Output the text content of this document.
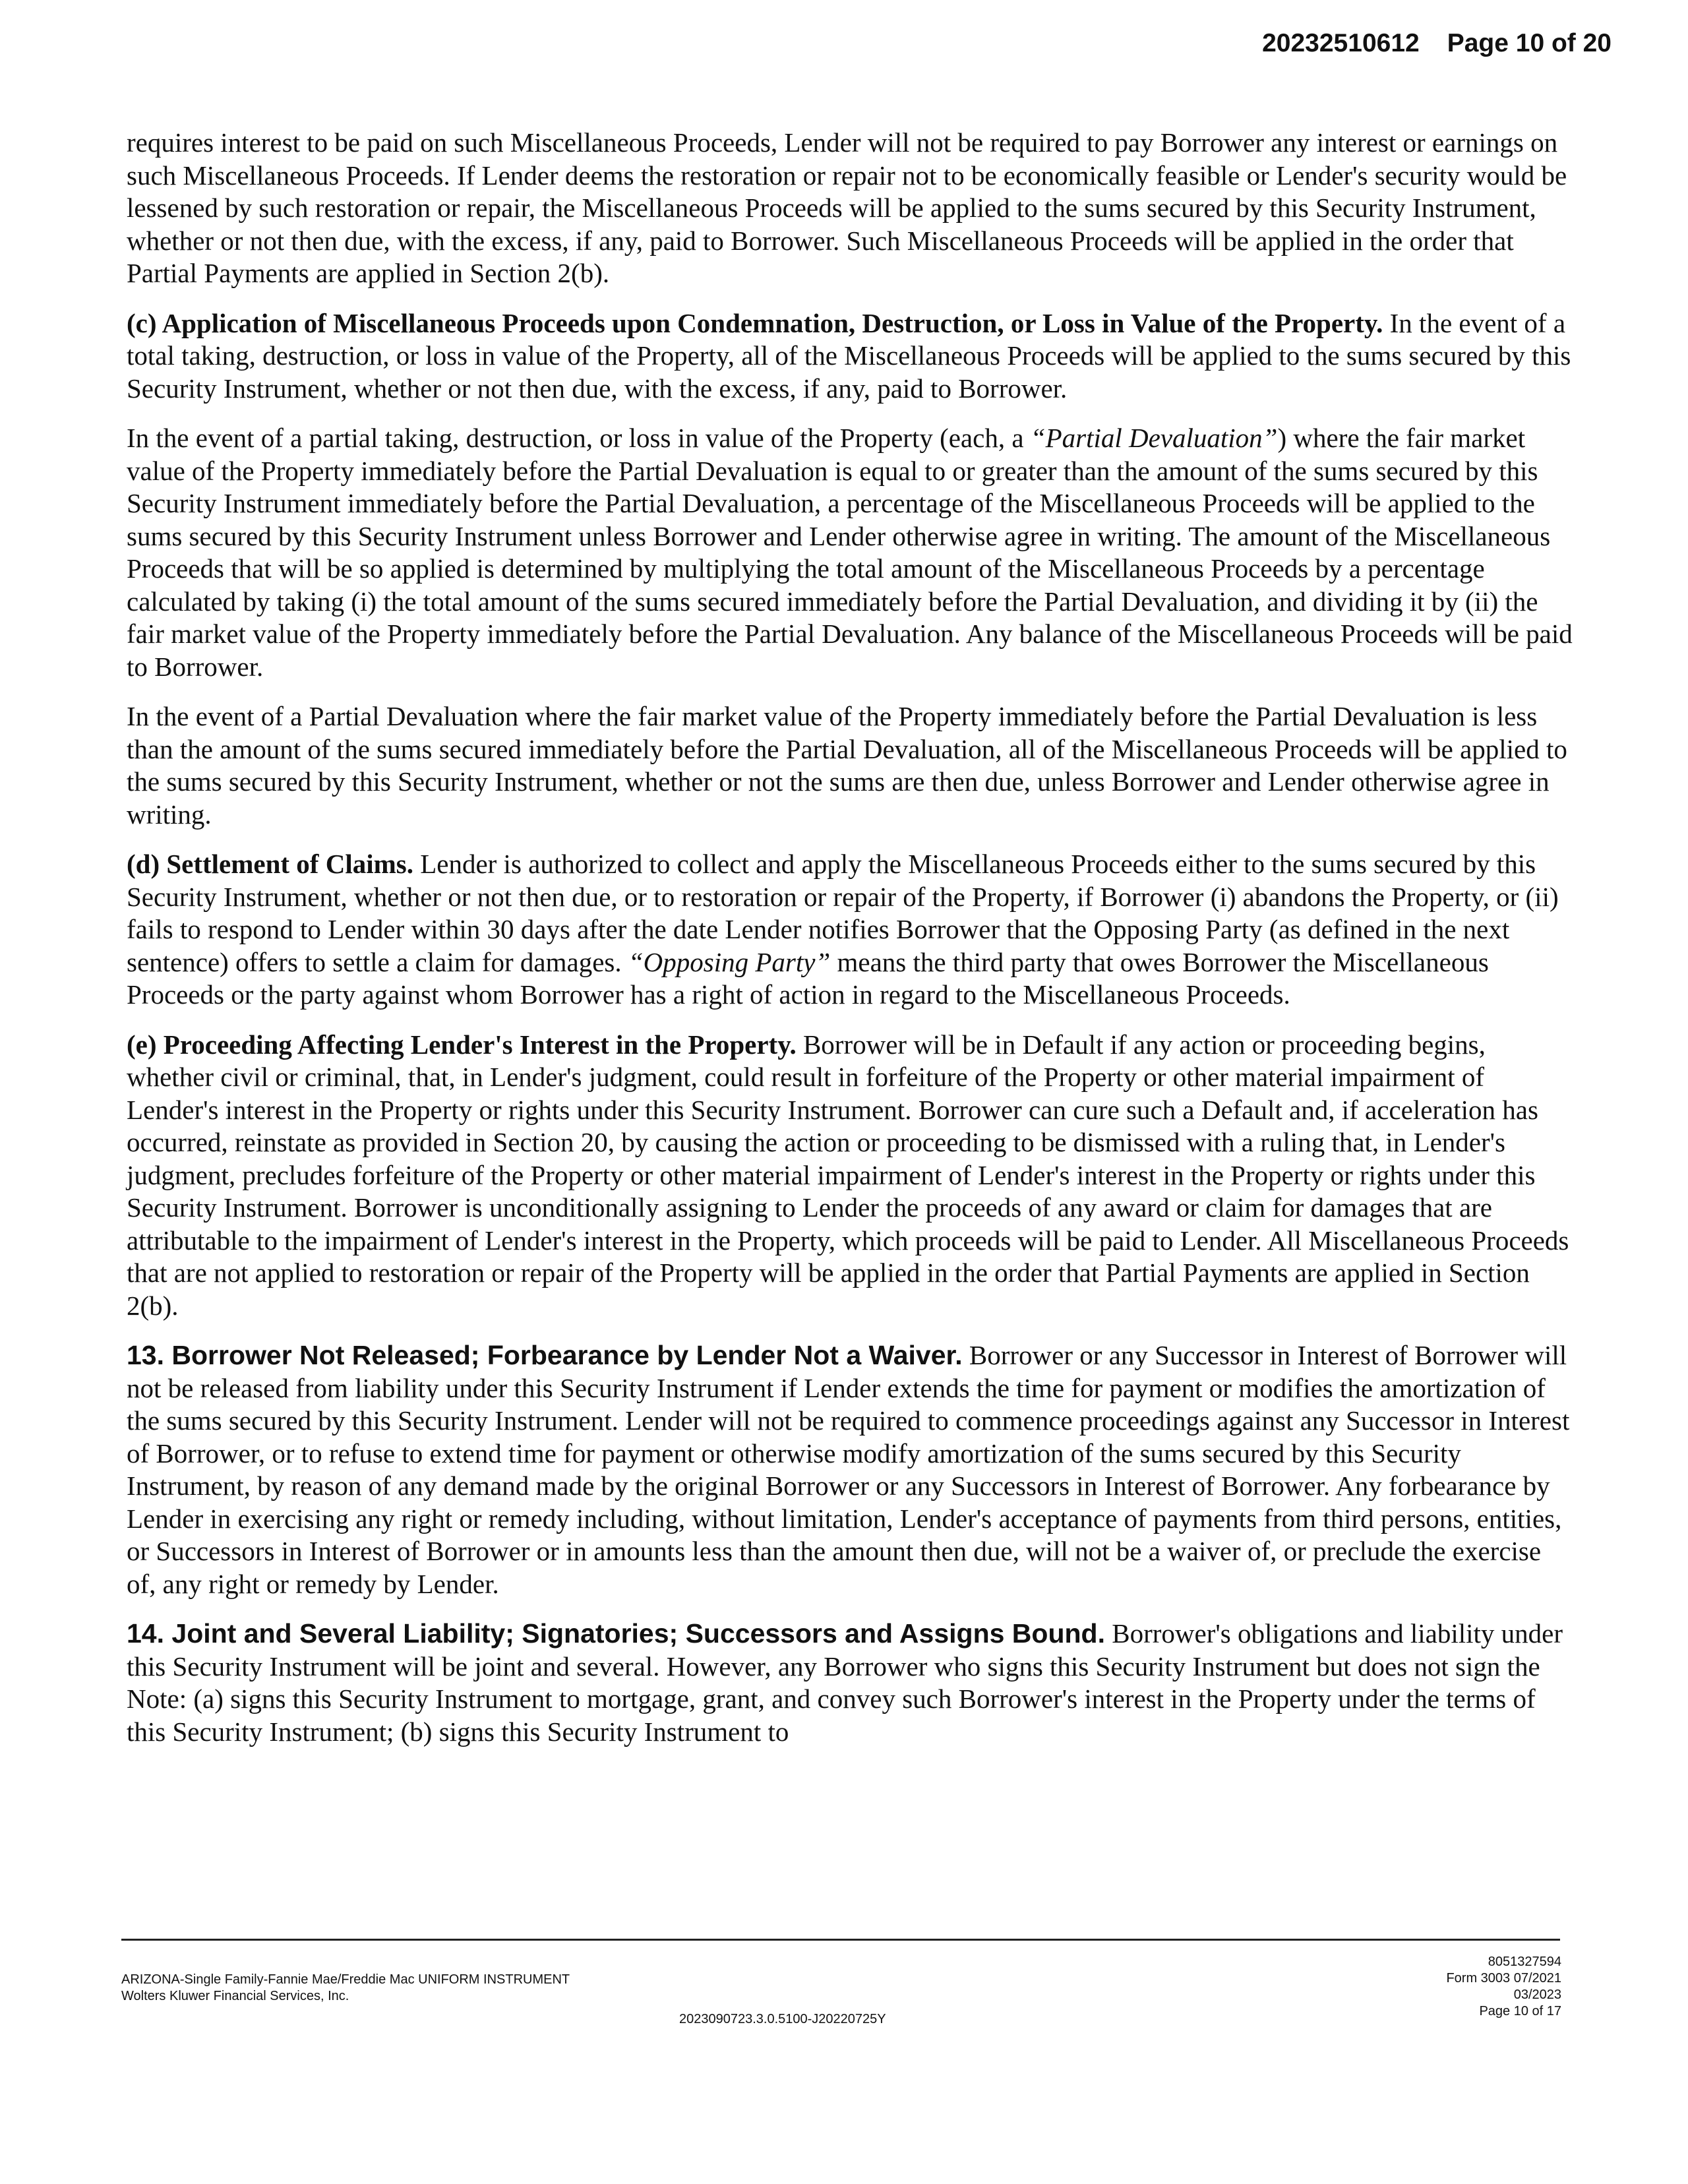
20232510612 Page 10 of 20

requires interest to be paid on such Miscellaneous Proceeds, Lender will not be required to pay Borrower any interest or earnings on such Miscellaneous Proceeds. If Lender deems the restoration or repair not to be economically feasible or Lender's security would be lessened by such restoration or repair, the Miscellaneous Proceeds will be applied to the sums secured by this Security Instrument, whether or not then due, with the excess, if any, paid to Borrower. Such Miscellaneous Proceeds will be applied in the order that Partial Payments are applied in Section 2(b).

(c) Application of Miscellaneous Proceeds upon Condemnation, Destruction, or Loss in Value of the Property. In the event of a total taking, destruction, or loss in value of the Property, all of the Miscellaneous Proceeds will be applied to the sums secured by this Security Instrument, whether or not then due, with the excess, if any, paid to Borrower.

In the event of a partial taking, destruction, or loss in value of the Property (each, a “Partial Devaluation”) where the fair market value of the Property immediately before the Partial Devaluation is equal to or greater than the amount of the sums secured by this Security Instrument immediately before the Partial Devaluation, a percentage of the Miscellaneous Proceeds will be applied to the sums secured by this Security Instrument unless Borrower and Lender otherwise agree in writing. The amount of the Miscellaneous Proceeds that will be so applied is determined by multiplying the total amount of the Miscellaneous Proceeds by a percentage calculated by taking (i) the total amount of the sums secured immediately before the Partial Devaluation, and dividing it by (ii) the fair market value of the Property immediately before the Partial Devaluation. Any balance of the Miscellaneous Proceeds will be paid to Borrower.

In the event of a Partial Devaluation where the fair market value of the Property immediately before the Partial Devaluation is less than the amount of the sums secured immediately before the Partial Devaluation, all of the Miscellaneous Proceeds will be applied to the sums secured by this Security Instrument, whether or not the sums are then due, unless Borrower and Lender otherwise agree in writing.

(d) Settlement of Claims. Lender is authorized to collect and apply the Miscellaneous Proceeds either to the sums secured by this Security Instrument, whether or not then due, or to restoration or repair of the Property, if Borrower (i) abandons the Property, or (ii) fails to respond to Lender within 30 days after the date Lender notifies Borrower that the Opposing Party (as defined in the next sentence) offers to settle a claim for damages. “Opposing Party” means the third party that owes Borrower the Miscellaneous Proceeds or the party against whom Borrower has a right of action in regard to the Miscellaneous Proceeds.

(e) Proceeding Affecting Lender's Interest in the Property. Borrower will be in Default if any action or proceeding begins, whether civil or criminal, that, in Lender's judgment, could result in forfeiture of the Property or other material impairment of Lender's interest in the Property or rights under this Security Instrument. Borrower can cure such a Default and, if acceleration has occurred, reinstate as provided in Section 20, by causing the action or proceeding to be dismissed with a ruling that, in Lender's judgment, precludes forfeiture of the Property or other material impairment of Lender's interest in the Property or rights under this Security Instrument. Borrower is unconditionally assigning to Lender the proceeds of any award or claim for damages that are attributable to the impairment of Lender's interest in the Property, which proceeds will be paid to Lender. All Miscellaneous Proceeds that are not applied to restoration or repair of the Property will be applied in the order that Partial Payments are applied in Section 2(b).

13. Borrower Not Released; Forbearance by Lender Not a Waiver. Borrower or any Successor in Interest of Borrower will not be released from liability under this Security Instrument if Lender extends the time for payment or modifies the amortization of the sums secured by this Security Instrument. Lender will not be required to commence proceedings against any Successor in Interest of Borrower, or to refuse to extend time for payment or otherwise modify amortization of the sums secured by this Security Instrument, by reason of any demand made by the original Borrower or any Successors in Interest of Borrower. Any forbearance by Lender in exercising any right or remedy including, without limitation, Lender's acceptance of payments from third persons, entities, or Successors in Interest of Borrower or in amounts less than the amount then due, will not be a waiver of, or preclude the exercise of, any right or remedy by Lender.

14. Joint and Several Liability; Signatories; Successors and Assigns Bound. Borrower's obligations and liability under this Security Instrument will be joint and several. However, any Borrower who signs this Security Instrument but does not sign the Note: (a) signs this Security Instrument to mortgage, grant, and convey such Borrower's interest in the Property under the terms of this Security Instrument; (b) signs this Security Instrument to

ARIZONA-Single Family-Fannie Mae/Freddie Mac UNIFORM INSTRUMENT
Wolters Kluwer Financial Services, Inc.
2023090723.3.0.5100-J20220725Y
8051327594
Form 3003 07/2021
03/2023
Page 10 of 17
